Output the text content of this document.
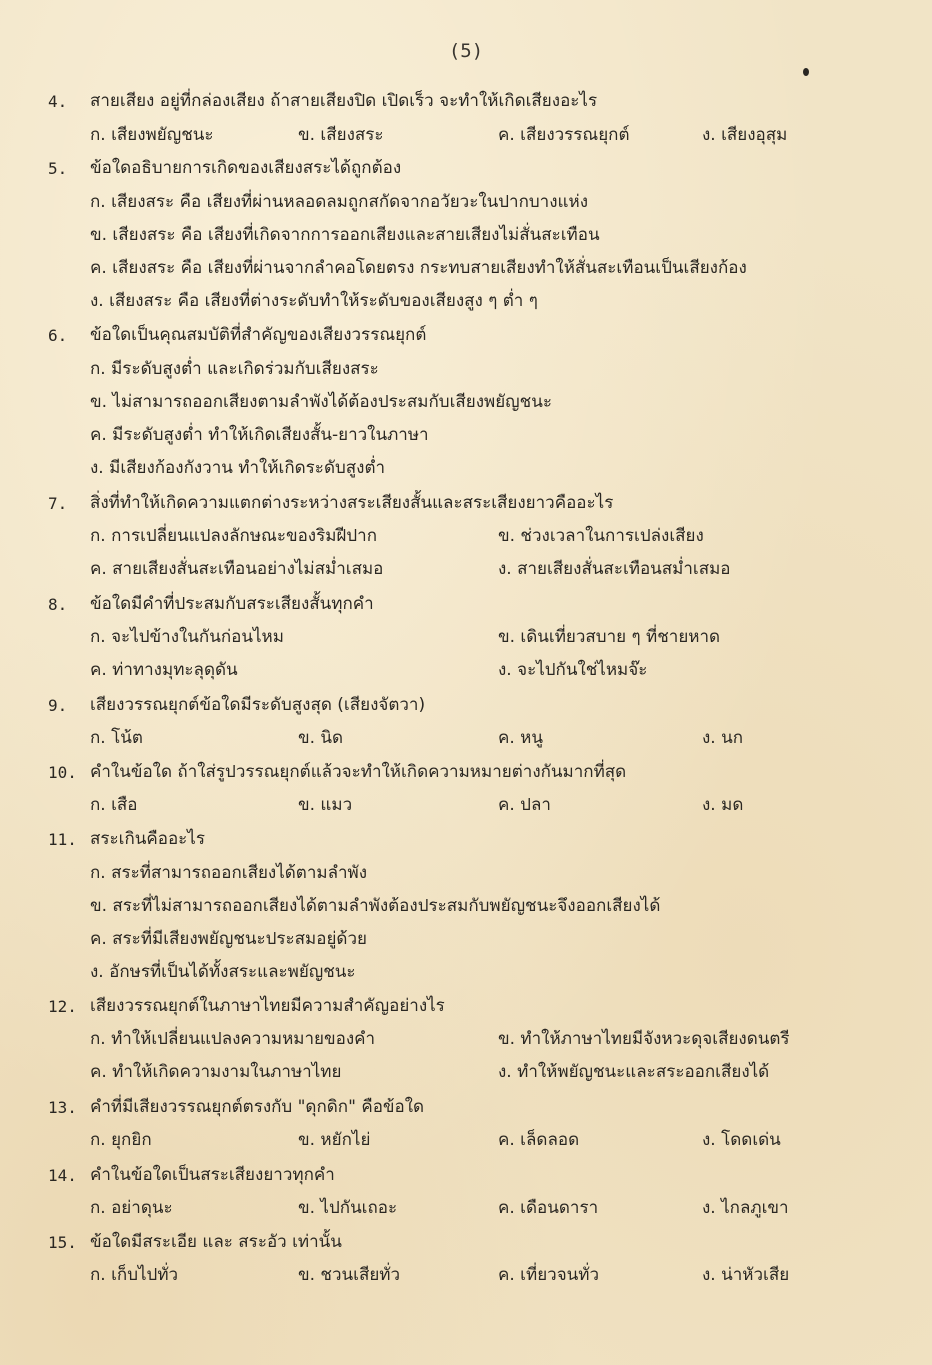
(5)
4. สายเสียง อยู่ที่กล่องเสียง ถ้าสายเสียงปิด เปิดเร็ว จะทำให้เกิดเสียงอะไร
ก. เสียงพยัญชนะ	ข. เสียงสระ	ค. เสียงวรรณยุกต์	ง. เสียงอุสุม
5. ข้อใดอธิบายการเกิดของเสียงสระได้ถูกต้อง
ก. เสียงสระ คือ เสียงที่ผ่านหลอดลมถูกสกัดจากอวัยวะในปากบางแห่ง
ข. เสียงสระ คือ เสียงที่เกิดจากการออกเสียงและสายเสียงไม่สั่นสะเทือน
ค. เสียงสระ คือ เสียงที่ผ่านจากลำคอโดยตรง กระทบสายเสียงทำให้สั่นสะเทือนเป็นเสียงก้อง
ง. เสียงสระ คือ เสียงที่ต่างระดับทำให้ระดับของเสียงสูง ๆ ต่ำ ๆ
6. ข้อใดเป็นคุณสมบัติที่สำคัญของเสียงวรรณยุกต์
ก. มีระดับสูงต่ำ และเกิดร่วมกับเสียงสระ
ข. ไม่สามารถออกเสียงตามลำพังได้ต้องประสมกับเสียงพยัญชนะ
ค. มีระดับสูงต่ำ ทำให้เกิดเสียงสั้น-ยาวในภาษา
ง. มีเสียงก้องกังวาน ทำให้เกิดระดับสูงต่ำ
7. สิ่งที่ทำให้เกิดความแตกต่างระหว่างสระเสียงสั้นและสระเสียงยาวคืออะไร
ก. การเปลี่ยนแปลงลักษณะของริมฝีปาก	ข. ช่วงเวลาในการเปล่งเสียง
ค. สายเสียงสั่นสะเทือนอย่างไม่สม่ำเสมอ	ง. สายเสียงสั่นสะเทือนสม่ำเสมอ
8. ข้อใดมีคำที่ประสมกับสระเสียงสั้นทุกคำ
ก. จะไปข้างในกันก่อนไหม	ข. เดินเที่ยวสบาย ๆ ที่ชายหาด
ค. ท่าทางมุทะลุดุดัน	ง. จะไปกันใช่ไหมจ๊ะ
9. เสียงวรรณยุกต์ข้อใดมีระดับสูงสุด (เสียงจัตวา)
ก. โน้ต	ข. นิด	ค. หนู	ง. นก
10. คำในข้อใด ถ้าใส่รูปวรรณยุกต์แล้วจะทำให้เกิดความหมายต่างกันมากที่สุด
ก. เสือ	ข. แมว	ค. ปลา	ง. มด
11. สระเกินคืออะไร
ก. สระที่สามารถออกเสียงได้ตามลำพัง
ข. สระที่ไม่สามารถออกเสียงได้ตามลำพังต้องประสมกับพยัญชนะจึงออกเสียงได้
ค. สระที่มีเสียงพยัญชนะประสมอยู่ด้วย
ง. อักษรที่เป็นได้ทั้งสระและพยัญชนะ
12. เสียงวรรณยุกต์ในภาษาไทยมีความสำคัญอย่างไร
ก. ทำให้เปลี่ยนแปลงความหมายของคำ	ข. ทำให้ภาษาไทยมีจังหวะดุจเสียงดนตรี
ค. ทำให้เกิดความงามในภาษาไทย	ง. ทำให้พยัญชนะและสระออกเสียงได้
13. คำที่มีเสียงวรรณยุกต์ตรงกับ "ดุกดิก" คือข้อใด
ก. ยุกยิก	ข. หยักไย่	ค. เล็ดลอด	ง. โดดเด่น
14. คำในข้อใดเป็นสระเสียงยาวทุกคำ
ก. อย่าดุนะ	ข. ไปกันเถอะ	ค. เดือนดารา	ง. ไกลภูเขา
15. ข้อใดมีสระเอีย และ สระอัว เท่านั้น
ก. เก็บไปทั่ว	ข. ชวนเสียทั่ว	ค. เที่ยวจนทั่ว	ง. น่าหัวเสีย
